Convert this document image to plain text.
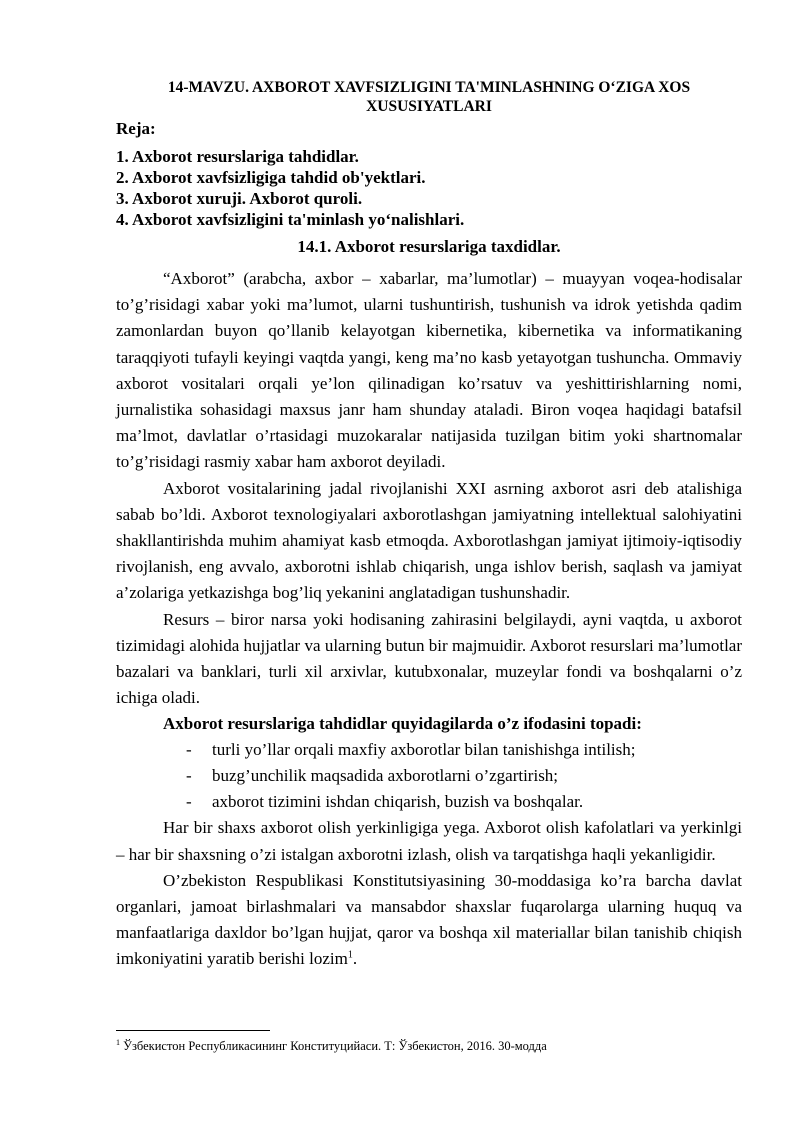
14-MAVZU. AXBOROT XAVFSIZLIGINI TA'MINLASHNING O‘ZIGA XOS XUSUSIYATLARI

Reja:

1. Axborot resurslariga tahdidlar.
2. Axborot xavfsizligiga tahdid ob'yektlari.
3. Axborot xuruji. Axborot quroli.
4. Axborot xavfsizligini ta'minlash yo‘nalishlari.

14.1. Axborot resurslariga taxdidlar.

“Axborot” (arabcha, axbor – xabarlar, ma’lumotlar) – muayyan voqea-hodisalar to’g’risidagi xabar yoki ma’lumot, ularni tushuntirish, tushunish va idrok yetishda qadim zamonlardan buyon qo’llanib kelayotgan kibernetika, kibernetika va informatikaning taraqqiyoti tufayli keyingi vaqtda yangi, keng ma’no kasb yetayotgan tushuncha. Ommaviy axborot vositalari orqali ye’lon qilinadigan ko’rsatuv va yeshittirishlarning nomi, jurnalistika sohasidagi maxsus janr ham shunday ataladi. Biron voqea haqidagi batafsil ma’lmot, davlatlar o’rtasidagi muzokaralar natijasida tuzilgan bitim yoki shartnomalar to’g’risidagi rasmiy xabar ham axborot deyiladi.

Axborot vositalarining jadal rivojlanishi XXI asrning axborot asri deb atalishiga sabab bo’ldi. Axborot texnologiyalari axborotlashgan jamiyatning intellektual salohiyatini shakllantirishda muhim ahamiyat kasb etmoqda. Axborotlashgan jamiyat ijtimoiy-iqtisodiy rivojlanish, eng avvalo, axborotni ishlab chiqarish, unga ishlov berish, saqlash va jamiyat a’zolariga yetkazishga bog’liq yekanini anglatadigan tushunshadir.

Resurs – biror narsa yoki hodisaning zahirasini belgilaydi, ayni vaqtda, u axborot tizimidagi alohida hujjatlar va ularning butun bir majmuidir. Axborot resurslari ma’lumotlar bazalari va banklari, turli xil arxivlar, kutubxonalar, muzeylar fondi va boshqalarni o’z ichiga oladi.

Axborot resurslariga tahdidlar quyidagilarda o’z ifodasini topadi:

- turli yo’llar orqali maxfiy axborotlar bilan tanishishga intilish;
- buzg’unchilik maqsadida axborotlarni o’zgartirish;
- axborot tizimini ishdan chiqarish, buzish va boshqalar.

Har bir shaxs axborot olish yerkinligiga yega. Axborot olish kafolatlari va yerkinlgi – har bir shaxsning o’zi istalgan axborotni izlash, olish va tarqatishga haqli yekanligidir.

O’zbekiston Respublikasi Konstitutsiyasining 30-moddasiga ko’ra barcha davlat organlari, jamoat birlashmalari va mansabdor shaxslar fuqarolarga ularning huquq va manfaatlariga daxldor bo’lgan hujjat, qaror va boshqa xil materiallar bilan tanishib chiqish imkoniyatini yaratib berishi lozim$^1$.

$^1$ Ўзбекистон Республикасининг Конституцийаси. Т: Ўзбекистон, 2016. 30-модда
